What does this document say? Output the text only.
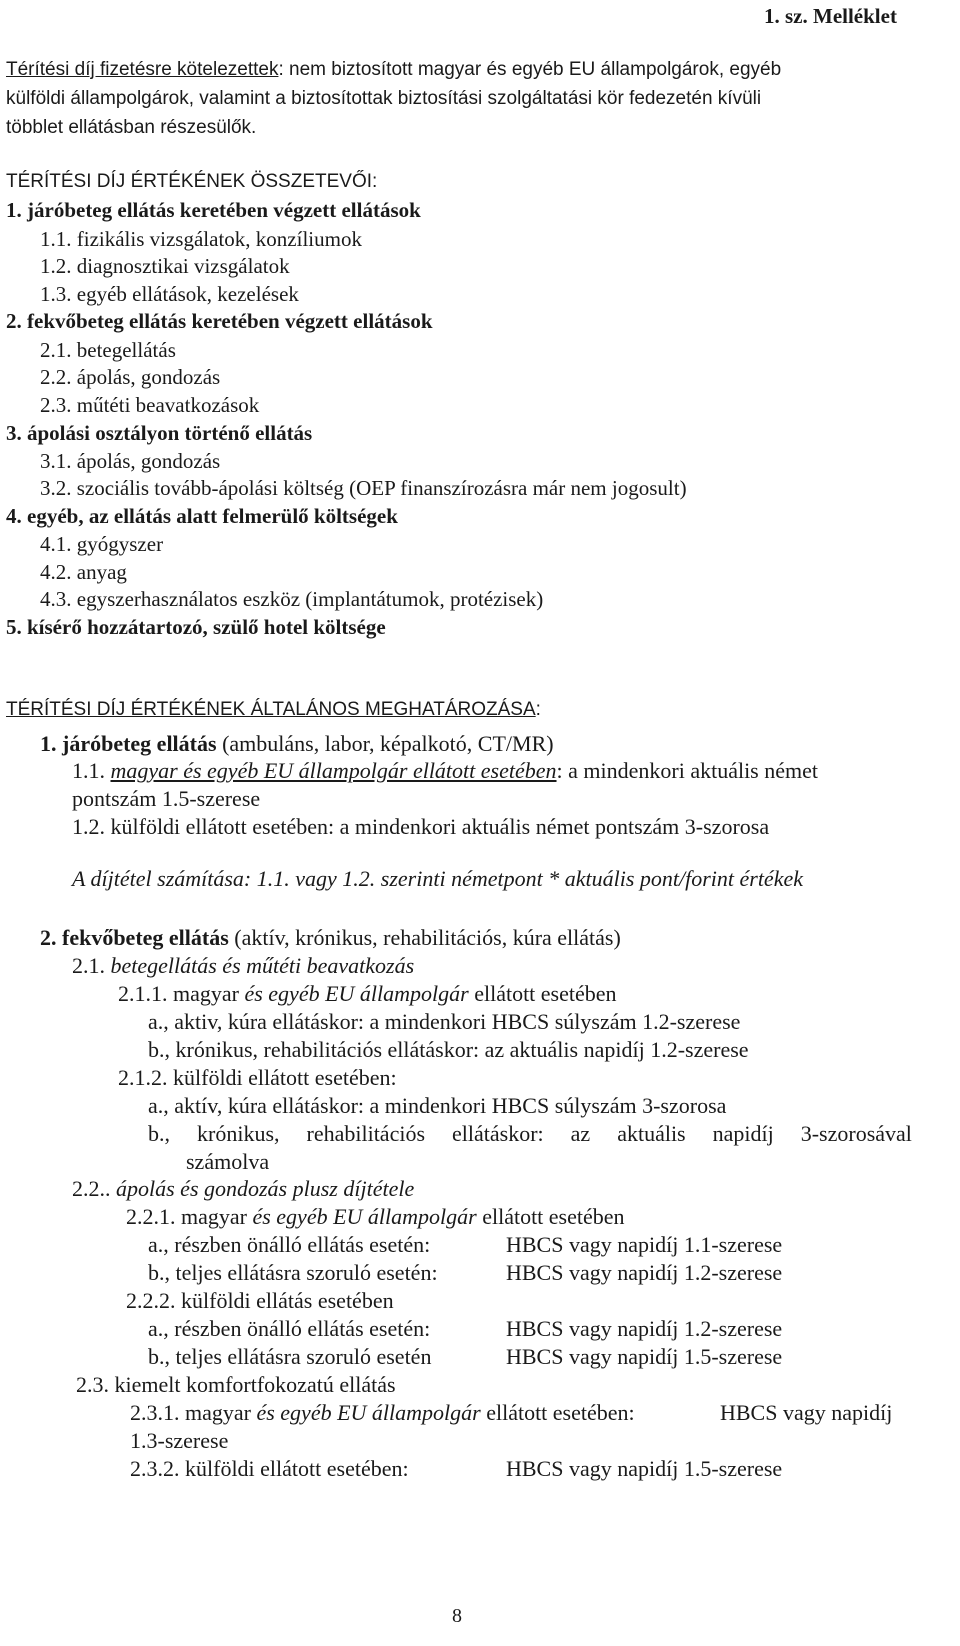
1. sz. Melléklet
Térítési díj fizetésre kötelezettek: nem biztosított magyar és egyéb EU állampolgárok, egyéb
külföldi állampolgárok, valamint a biztosítottak biztosítási szolgáltatási kör fedezetén kívüli
többlet ellátásban részesülők.
TÉRÍTÉSI DÍJ ÉRTÉKÉNEK ÖSSZETEVŐI:
1. járóbeteg ellátás keretében végzett ellátások
1.1. fizikális vizsgálatok, konzíliumok
1.2. diagnosztikai vizsgálatok
1.3. egyéb ellátások, kezelések
2. fekvőbeteg ellátás keretében végzett ellátások
2.1. betegellátás
2.2. ápolás, gondozás
2.3. műtéti beavatkozások
3. ápolási osztályon történő ellátás
3.1. ápolás, gondozás
3.2. szociális tovább-ápolási költség (OEP finanszírozásra már nem jogosult)
4. egyéb, az ellátás alatt felmerülő költségek
4.1. gyógyszer
4.2. anyag
4.3. egyszerhasználatos eszköz (implantátumok, protézisek)
5. kísérő hozzátartozó, szülő hotel költsége
TÉRÍTÉSI DÍJ ÉRTÉKÉNEK ÁLTALÁNOS MEGHATÁROZÁSA:
1. járóbeteg ellátás (ambuláns, labor, képalkotó, CT/MR)
1.1. magyar és egyéb EU állampolgár ellátott esetében: a mindenkori aktuális német
pontszám 1.5-szerese
1.2. külföldi ellátott esetében: a mindenkori aktuális német pontszám 3-szorosa
A díjtétel számítása: 1.1. vagy 1.2. szerinti németpont * aktuális pont/forint értékek
2. fekvőbeteg ellátás (aktív, krónikus, rehabilitációs, kúra ellátás)
2.1. betegellátás és műtéti beavatkozás
2.1.1. magyar és egyéb EU állampolgár ellátott esetében
a., aktiv, kúra ellátáskor: a mindenkori HBCS súlyszám 1.2-szerese
b., krónikus, rehabilitációs ellátáskor: az aktuális napidíj 1.2-szerese
2.1.2. külföldi ellátott esetében:
a., aktív, kúra ellátáskor: a mindenkori HBCS súlyszám 3-szorosa
b., krónikus, rehabilitációs ellátáskor: az aktuális napidíj 3-szorosával
számolva
2.2.. ápolás és gondozás plusz díjtétele
2.2.1. magyar és egyéb EU állampolgár ellátott esetében
a., részben önálló ellátás esetén:	HBCS vagy napidíj 1.1-szerese
b., teljes ellátásra szoruló esetén:	HBCS vagy napidíj 1.2-szerese
2.2.2. külföldi ellátás esetében
a., részben önálló ellátás esetén:	HBCS vagy napidíj 1.2-szerese
b., teljes ellátásra szoruló esetén	HBCS vagy napidíj 1.5-szerese
2.3. kiemelt komfortfokozatú ellátás
2.3.1. magyar és egyéb EU állampolgár ellátott esetében:	HBCS vagy napidíj
1.3-szerese
2.3.2. külföldi ellátott esetében:	HBCS vagy napidíj 1.5-szerese
8
